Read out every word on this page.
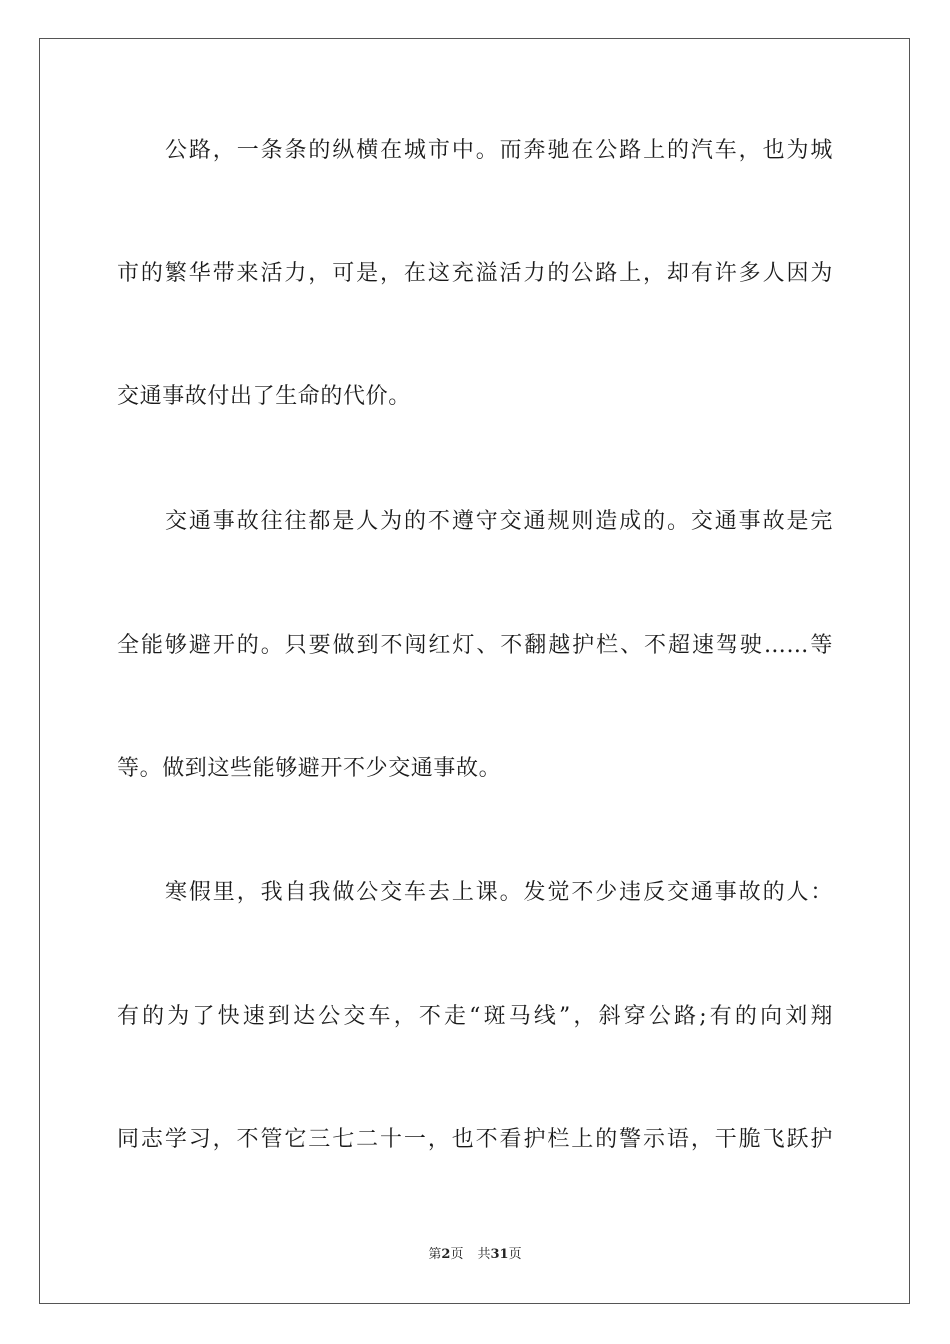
公路，一条条的纵横在城市中。而奔驰在公路上的汽车，也为城
市的繁华带来活力，可是，在这充溢活力的公路上，却有许多人因为
交通事故付出了生命的代价。
交通事故往往都是人为的不遵守交通规则造成的。交通事故是完
全能够避开的。只要做到不闯红灯、不翻越护栏、不超速驾驶……等
等。做到这些能够避开不少交通事故。
寒假里，我自我做公交车去上课。发觉不少违反交通事故的人：
有的为了快速到达公交车，不走“斑马线”，斜穿公路;有的向刘翔
同志学习，不管它三七二十一，也不看护栏上的警示语，干脆飞跃护
第2页 共31页
